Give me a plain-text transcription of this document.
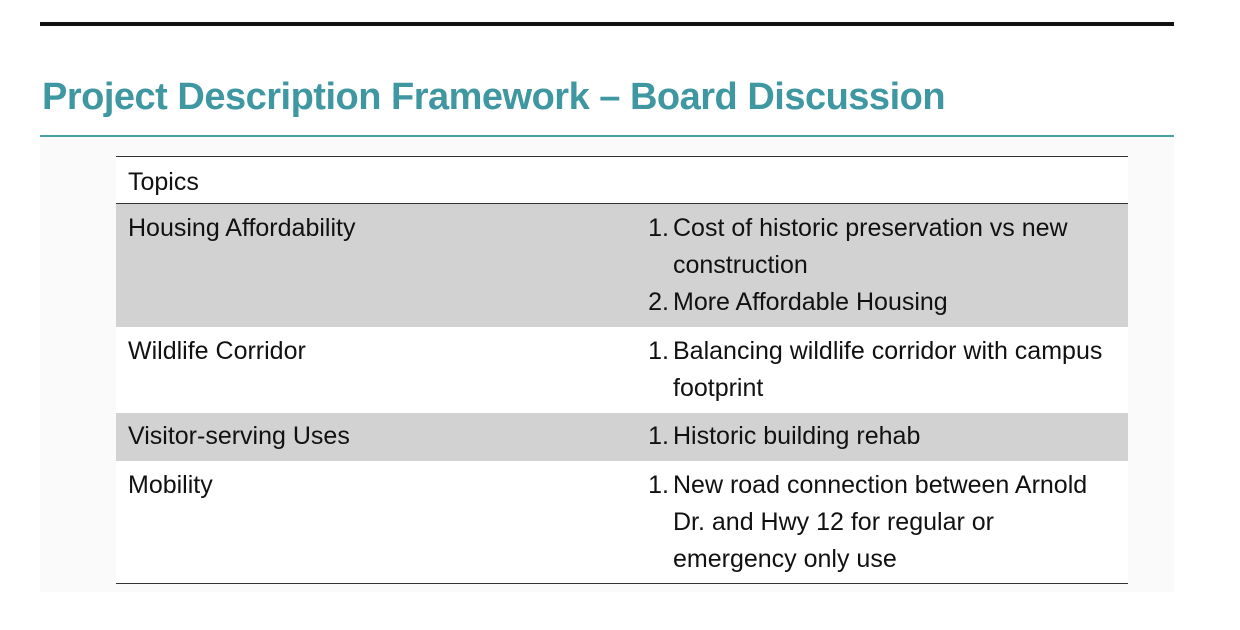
Project Description Framework – Board Discussion
Topics
Housing Affordability	1. Cost of historic preservation vs new construction
2. More Affordable Housing
Wildlife Corridor	1. Balancing wildlife corridor with campus footprint
Visitor-serving Uses	1. Historic building rehab
Mobility	1. New road connection between Arnold Dr. and Hwy 12 for regular or emergency only use
